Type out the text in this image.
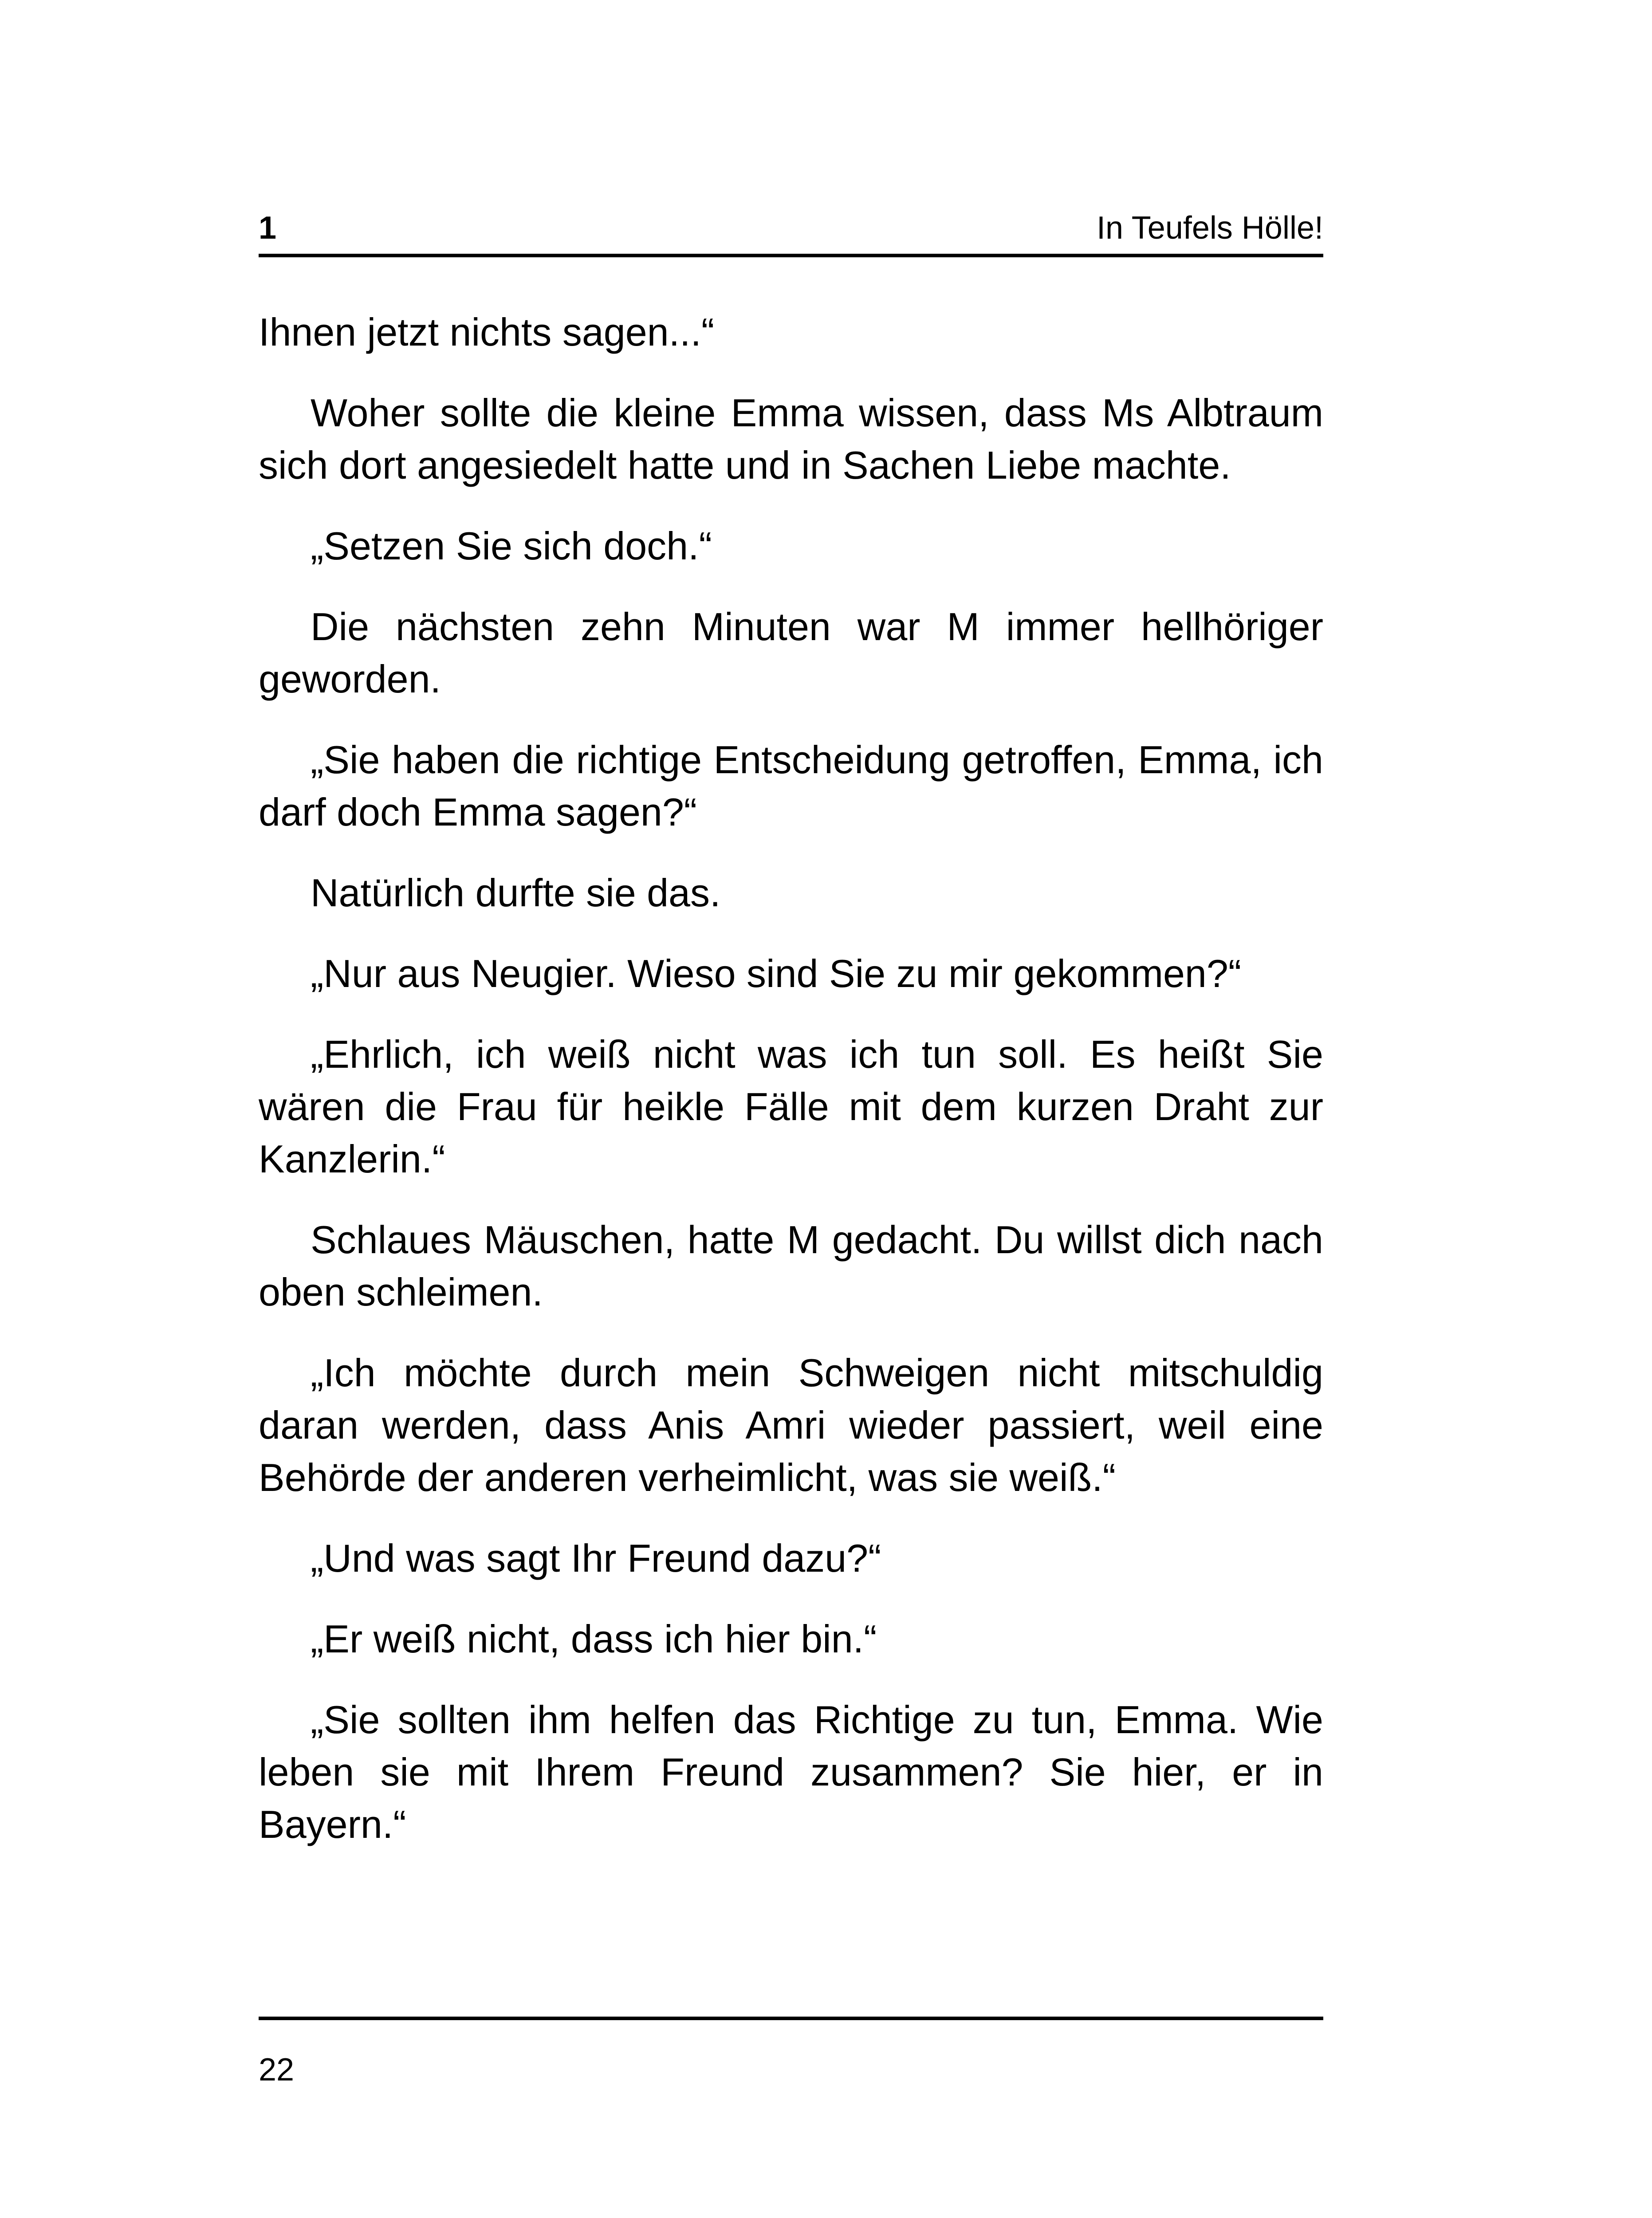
1	In Teufels Hölle!

Ihnen jetzt nichts sagen...“

Woher sollte die kleine Emma wissen, dass Ms Albtraum sich dort angesiedelt hatte und in Sachen Liebe machte.

„Setzen Sie sich doch.“

Die nächsten zehn Minuten war M immer hellhöriger geworden.

„Sie haben die richtige Entscheidung getroffen, Emma, ich darf doch Emma sagen?“

Natürlich durfte sie das.

„Nur aus Neugier. Wieso sind Sie zu mir gekommen?“

„Ehrlich, ich weiß nicht was ich tun soll. Es heißt Sie wären die Frau für heikle Fälle mit dem kurzen Draht zur Kanzlerin.“

Schlaues Mäuschen, hatte M gedacht. Du willst dich nach oben schleimen.

„Ich möchte durch mein Schweigen nicht mitschuldig daran werden, dass Anis Amri wieder passiert, weil eine Behörde der anderen verheimlicht, was sie weiß.“

„Und was sagt Ihr Freund dazu?“

„Er weiß nicht, dass ich hier bin.“

„Sie sollten ihm helfen das Richtige zu tun, Emma. Wie leben sie mit Ihrem Freund zusammen? Sie hier, er in Bayern.“

22
